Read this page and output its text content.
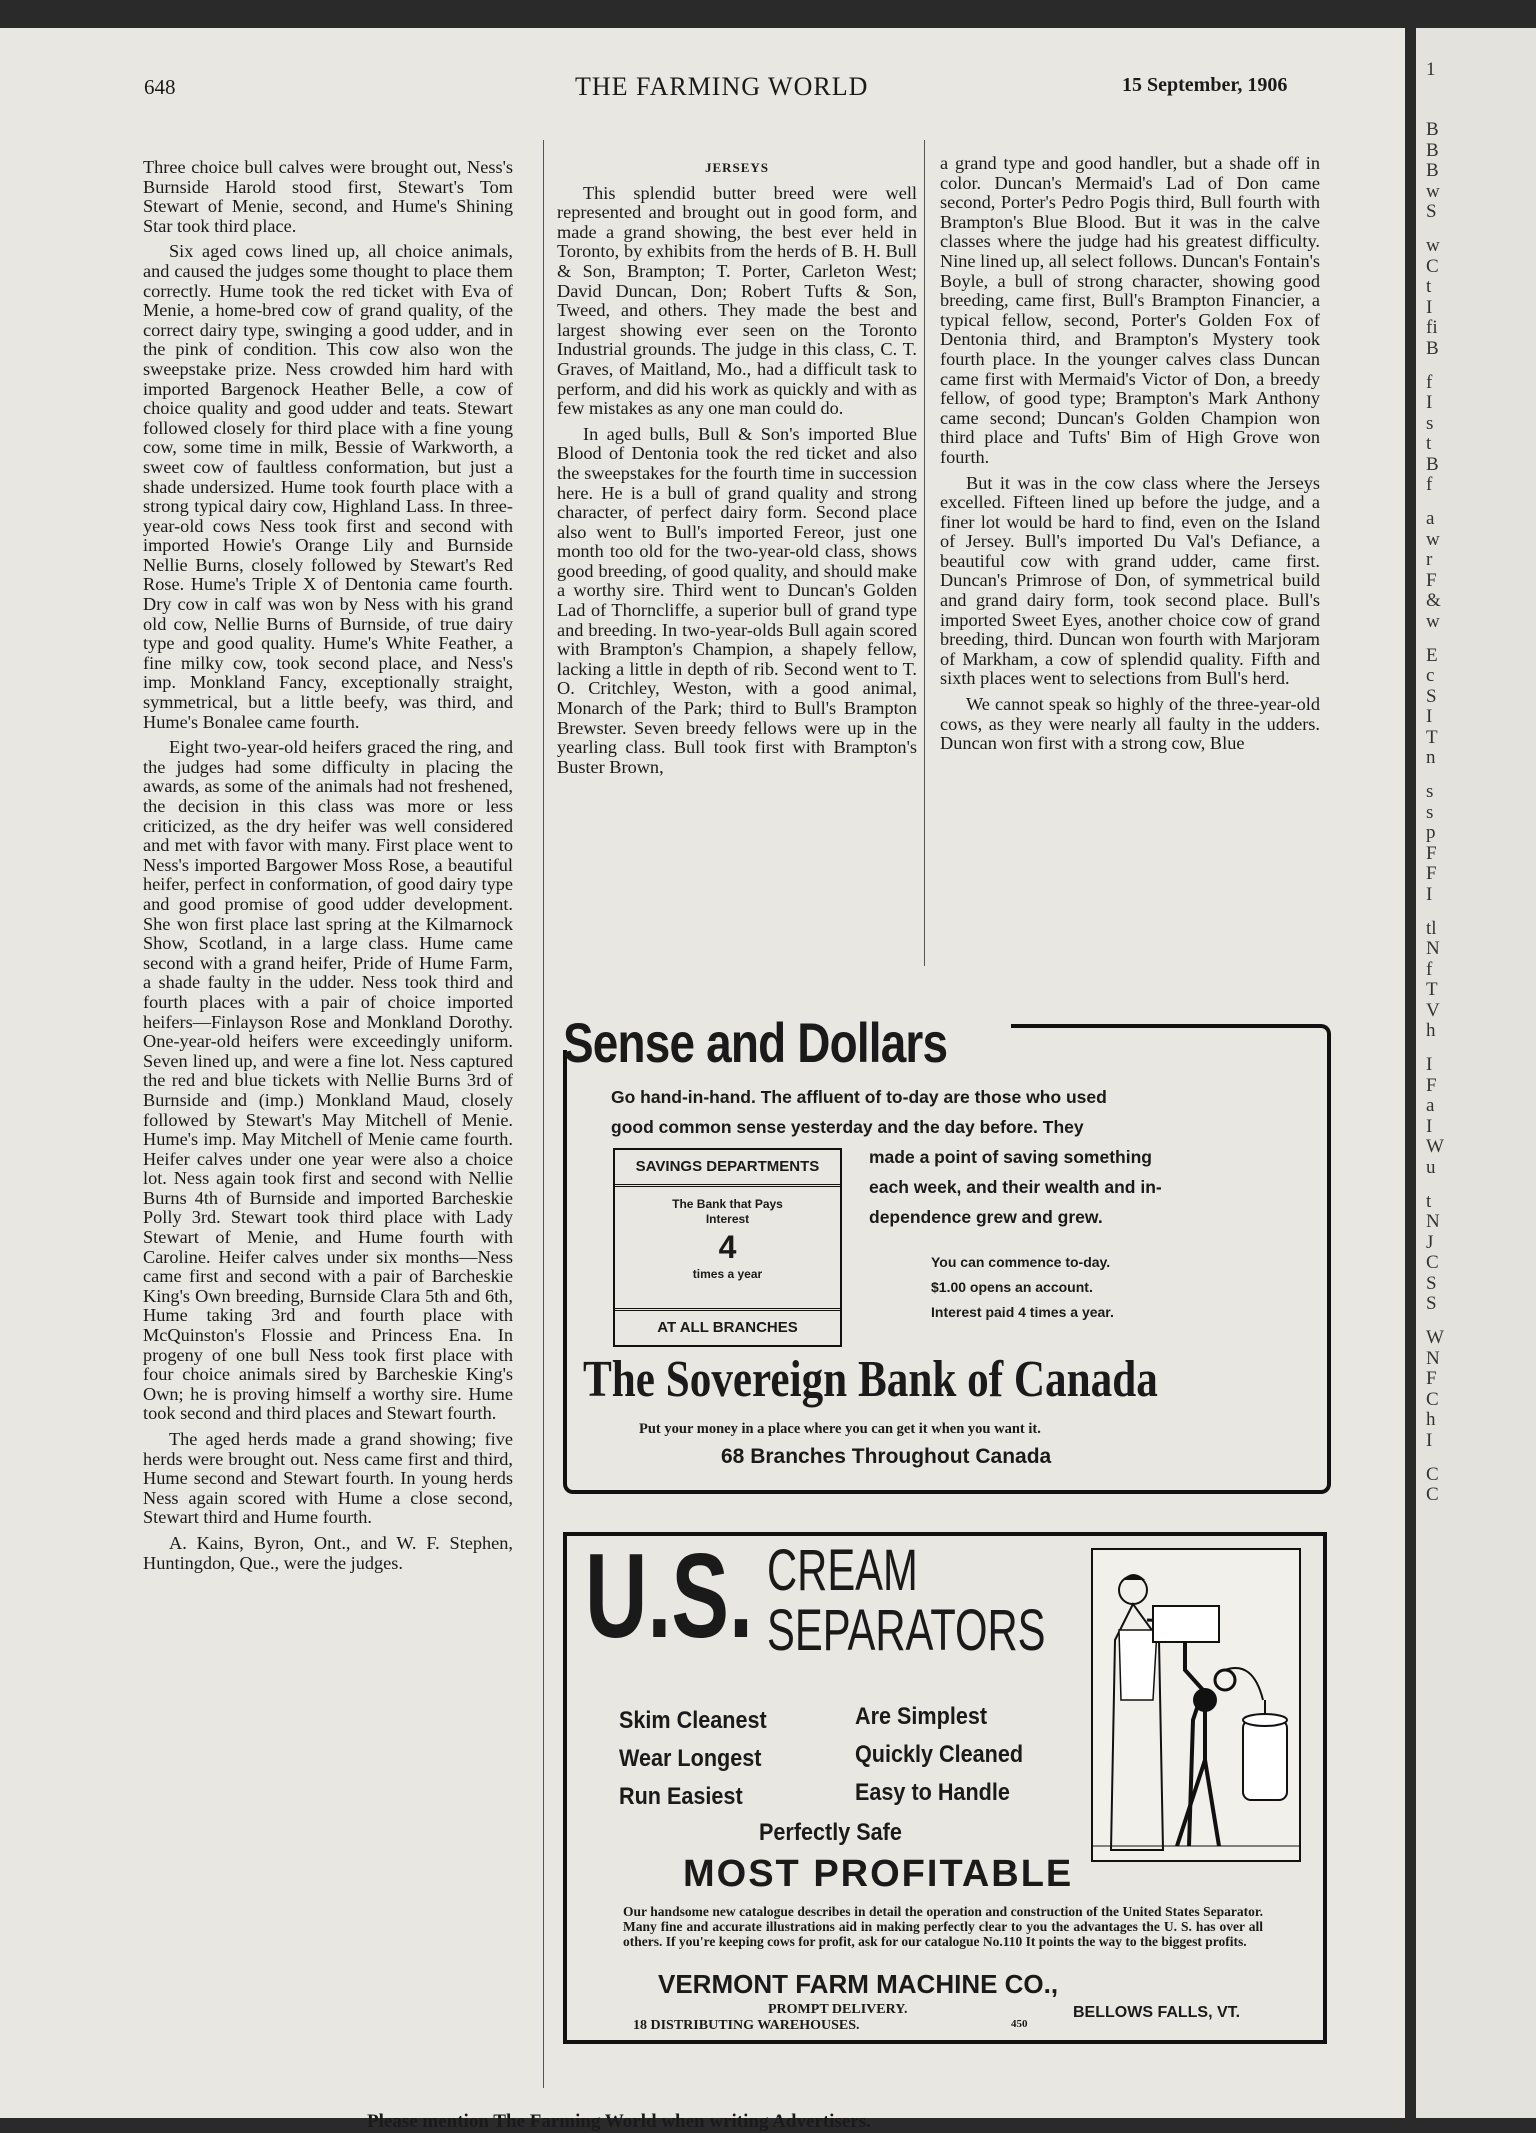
648	THE FARMING WORLD	15 September, 1906

Three choice bull calves were brought out, Ness's Burnside Harold stood first, Stewart's Tom Stewart of Menie, second, and Hume's Shining Star took third place.

Six aged cows lined up, all choice animals, and caused the judges some thought to place them correctly. Hume took the red ticket with Eva of Menie, a home-bred cow of grand quality, of the correct dairy type, swinging a good udder, and in the pink of condition. This cow also won the sweepstake prize. Ness crowded him hard with imported Bargenock Heather Belle, a cow of choice quality and good udder and teats. Stewart followed closely for third place with a fine young cow, some time in milk, Bessie of Warkworth, a sweet cow of faultless conformation, but just a shade undersized. Hume took fourth place with a strong typical dairy cow, Highland Lass. In three-year-old cows Ness took first and second with imported Howie's Orange Lily and Burnside Nellie Burns, closely followed by Stewart's Red Rose. Hume's Triple X of Dentonia came fourth. Dry cow in calf was won by Ness with his grand old cow, Nellie Burns of Burnside, of true dairy type and good quality. Hume's White Feather, a fine milky cow, took second place, and Ness's imp. Monkland Fancy, exceptionally straight, symmetrical, but a little beefy, was third, and Hume's Bonalee came fourth.

Eight two-year-old heifers graced the ring, and the judges had some difficulty in placing the awards, as some of the animals had not freshened, the decision in this class was more or less criticized, as the dry heifer was well considered and met with favor with many. First place went to Ness's imported Bargower Moss Rose, a beautiful heifer, perfect in conformation, of good dairy type and good promise of good udder development. She won first place last spring at the Kilmarnock Show, Scotland, in a large class. Hume came second with a grand heifer, Pride of Hume Farm, a shade faulty in the udder. Ness took third and fourth places with a pair of choice imported heifers—Finlayson Rose and Monkland Dorothy. One-year-old heifers were exceedingly uniform. Seven lined up, and were a fine lot. Ness captured the red and blue tickets with Nellie Burns 3rd of Burnside and (imp.) Monkland Maud, closely followed by Stewart's May Mitchell of Menie. Hume's imp. May Mitchell of Menie came fourth. Heifer calves under one year were also a choice lot. Ness again took first and second with Nellie Burns 4th of Burnside and imported Barcheskie Polly 3rd. Stewart took third place with Lady Stewart of Menie, and Hume fourth with Caroline. Heifer calves under six months—Ness came first and second with a pair of Barcheskie King's Own breeding, Burnside Clara 5th and 6th, Hume taking 3rd and fourth place with McQuinston's Flossie and Princess Ena. In progeny of one bull Ness took first place with four choice animals sired by Barcheskie King's Own; he is proving himself a worthy sire. Hume took second and third places and Stewart fourth.

The aged herds made a grand showing; five herds were brought out. Ness came first and third, Hume second and Stewart fourth. In young herds Ness again scored with Hume a close second, Stewart third and Hume fourth.

A. Kains, Byron, Ont., and W. F. Stephen, Huntingdon, Que., were the judges.

JERSEYS

This splendid butter breed were well represented and brought out in good form, and made a grand showing, the best ever held in Toronto, by exhibits from the herds of B. H. Bull & Son, Brampton; T. Porter, Carleton West; David Duncan, Don; Robert Tufts & Son, Tweed, and others. They made the best and largest showing ever seen on the Toronto Industrial grounds. The judge in this class, C. T. Graves, of Maitland, Mo., had a difficult task to perform, and did his work as quickly and with as few mistakes as any one man could do.

In aged bulls, Bull & Son's imported Blue Blood of Dentonia took the red ticket and also the sweepstakes for the fourth time in succession here. He is a bull of grand quality and strong character, of perfect dairy form. Second place also went to Bull's imported Fereor, just one month too old for the two-year-old class, shows good breeding, of good quality, and should make a worthy sire. Third went to Duncan's Golden Lad of Thorncliffe, a superior bull of grand type and breeding. In two-year-olds Bull again scored with Brampton's Champion, a shapely fellow, lacking a little in depth of rib. Second went to T. O. Critchley, Weston, with a good animal, Monarch of the Park; third to Bull's Brampton Brewster. Seven breedy fellows were up in the yearling class. Bull took first with Brampton's Buster Brown,

a grand type and good handler, but a shade off in color. Duncan's Mermaid's Lad of Don came second, Porter's Pedro Pogis third, Bull fourth with Brampton's Blue Blood. But it was in the calve classes where the judge had his greatest difficulty. Nine lined up, all select follows. Duncan's Fontain's Boyle, a bull of strong character, showing good breeding, came first, Bull's Brampton Financier, a typical fellow, second, Porter's Golden Fox of Dentonia third, and Brampton's Mystery took fourth place. In the younger calves class Duncan came first with Mermaid's Victor of Don, a breedy fellow, of good type; Brampton's Mark Anthony came second; Duncan's Golden Champion won third place and Tufts' Bim of High Grove won fourth.

But it was in the cow class where the Jerseys excelled. Fifteen lined up before the judge, and a finer lot would be hard to find, even on the Island of Jersey. Bull's imported Du Val's Defiance, a beautiful cow with grand udder, came first. Duncan's Primrose of Don, of symmetrical build and grand dairy form, took second place. Bull's imported Sweet Eyes, another choice cow of grand breeding, third. Duncan won fourth with Marjoram of Markham, a cow of splendid quality. Fifth and sixth places went to selections from Bull's herd.

We cannot speak so highly of the three-year-old cows, as they were nearly all faulty in the udders. Duncan won first with a strong cow, Blue

Sense and Dollars
Go hand-in-hand. The affluent of to-day are those who used
good common sense yesterday and the day before. They
made a point of saving something
each week, and their wealth and in-
dependence grew and grew.
SAVINGS DEPARTMENTS
The Bank that Pays Interest
4
times a year
AT ALL BRANCHES
You can commence to-day.
$1.00 opens an account.
Interest paid 4 times a year.
The Sovereign Bank of Canada
Put your money in a place where you can get it when you want it.
68 Branches Throughout Canada
U.S. CREAM
SEPARATORS
Skim Cleanest
Wear Longest
Run Easiest
Are Simplest
Quickly Cleaned
Easy to Handle
Perfectly Safe
MOST PROFITABLE
Our handsome new catalogue describes in detail the operation and construction of the United States Separator. Many fine and accurate illustrations aid in making perfectly clear to you the advantages the U. S. has over all others. If you're keeping cows for profit, ask for our catalogue No.110 It points the way to the biggest profits.
VERMONT FARM MACHINE CO.,
PROMPT DELIVERY.
18 DISTRIBUTING WAREHOUSES.	450
BELLOWS FALLS, VT.
Please mention The Farming World when writing Advertisers.
1
B
B
B
w
S
w
C
t
I
fi
B
f
I
s
t
B
f
a
w
r
F
&
w
E
c
S
I
T
n
s
s
p
F
F
I
tl
N
f
T
V
h
I
F
a
I
W
u
t
N
J
C
S
S
W
N
F
C
h
I
C
C
